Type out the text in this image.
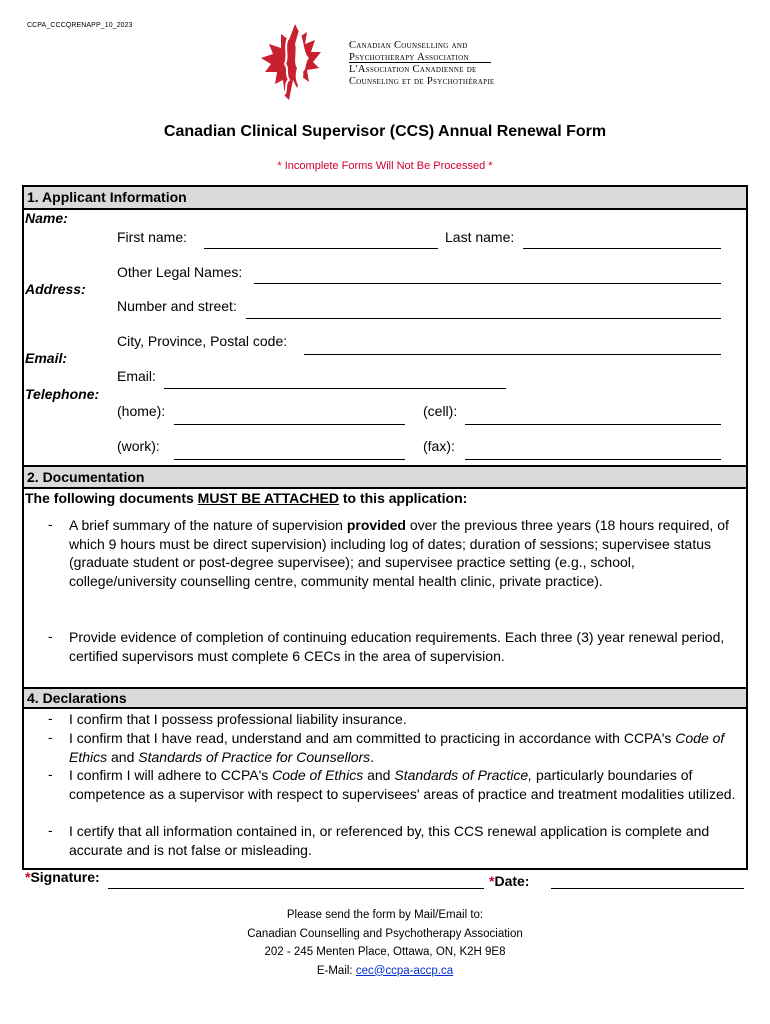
CCPA_CCCQRENAPP_10_2023
Canadian Counselling and
Psychotherapy Association
L'Association Canadienne de
Counseling et de Psychothérapie
Canadian Clinical Supervisor (CCS) Annual Renewal Form
* Incomplete Forms Will Not Be Processed *
1. Applicant Information
Name:
First name:	Last name:
Other Legal Names:
Address:
Number and street:
City, Province, Postal code:
Email:
Email:
Telephone:
(home):	(cell):
(work):	(fax):
2. Documentation
The following documents MUST BE ATTACHED to this application:
- A brief summary of the nature of supervision provided over the previous three years (18 hours required, of which 9 hours must be direct supervision) including log of dates; duration of sessions; supervisee status (graduate student or post-degree supervisee); and supervisee practice setting (e.g., school, college/university counselling centre, community mental health clinic, private practice).
- Provide evidence of completion of continuing education requirements. Each three (3) year renewal period, certified supervisors must complete 6 CECs in the area of supervision.
4. Declarations
- I confirm that I possess professional liability insurance.
- I confirm that I have read, understand and am committed to practicing in accordance with CCPA's Code of Ethics and Standards of Practice for Counsellors.
- I confirm I will adhere to CCPA's Code of Ethics and Standards of Practice, particularly boundaries of competence as a supervisor with respect to supervisees' areas of practice and treatment modalities utilized.
- I certify that all information contained in, or referenced by, this CCS renewal application is complete and accurate and is not false or misleading.
*Signature:	*Date:
Please send the form by Mail/Email to:
Canadian Counselling and Psychotherapy Association
202 - 245 Menten Place, Ottawa, ON, K2H 9E8
E-Mail: cec@ccpa-accp.ca
